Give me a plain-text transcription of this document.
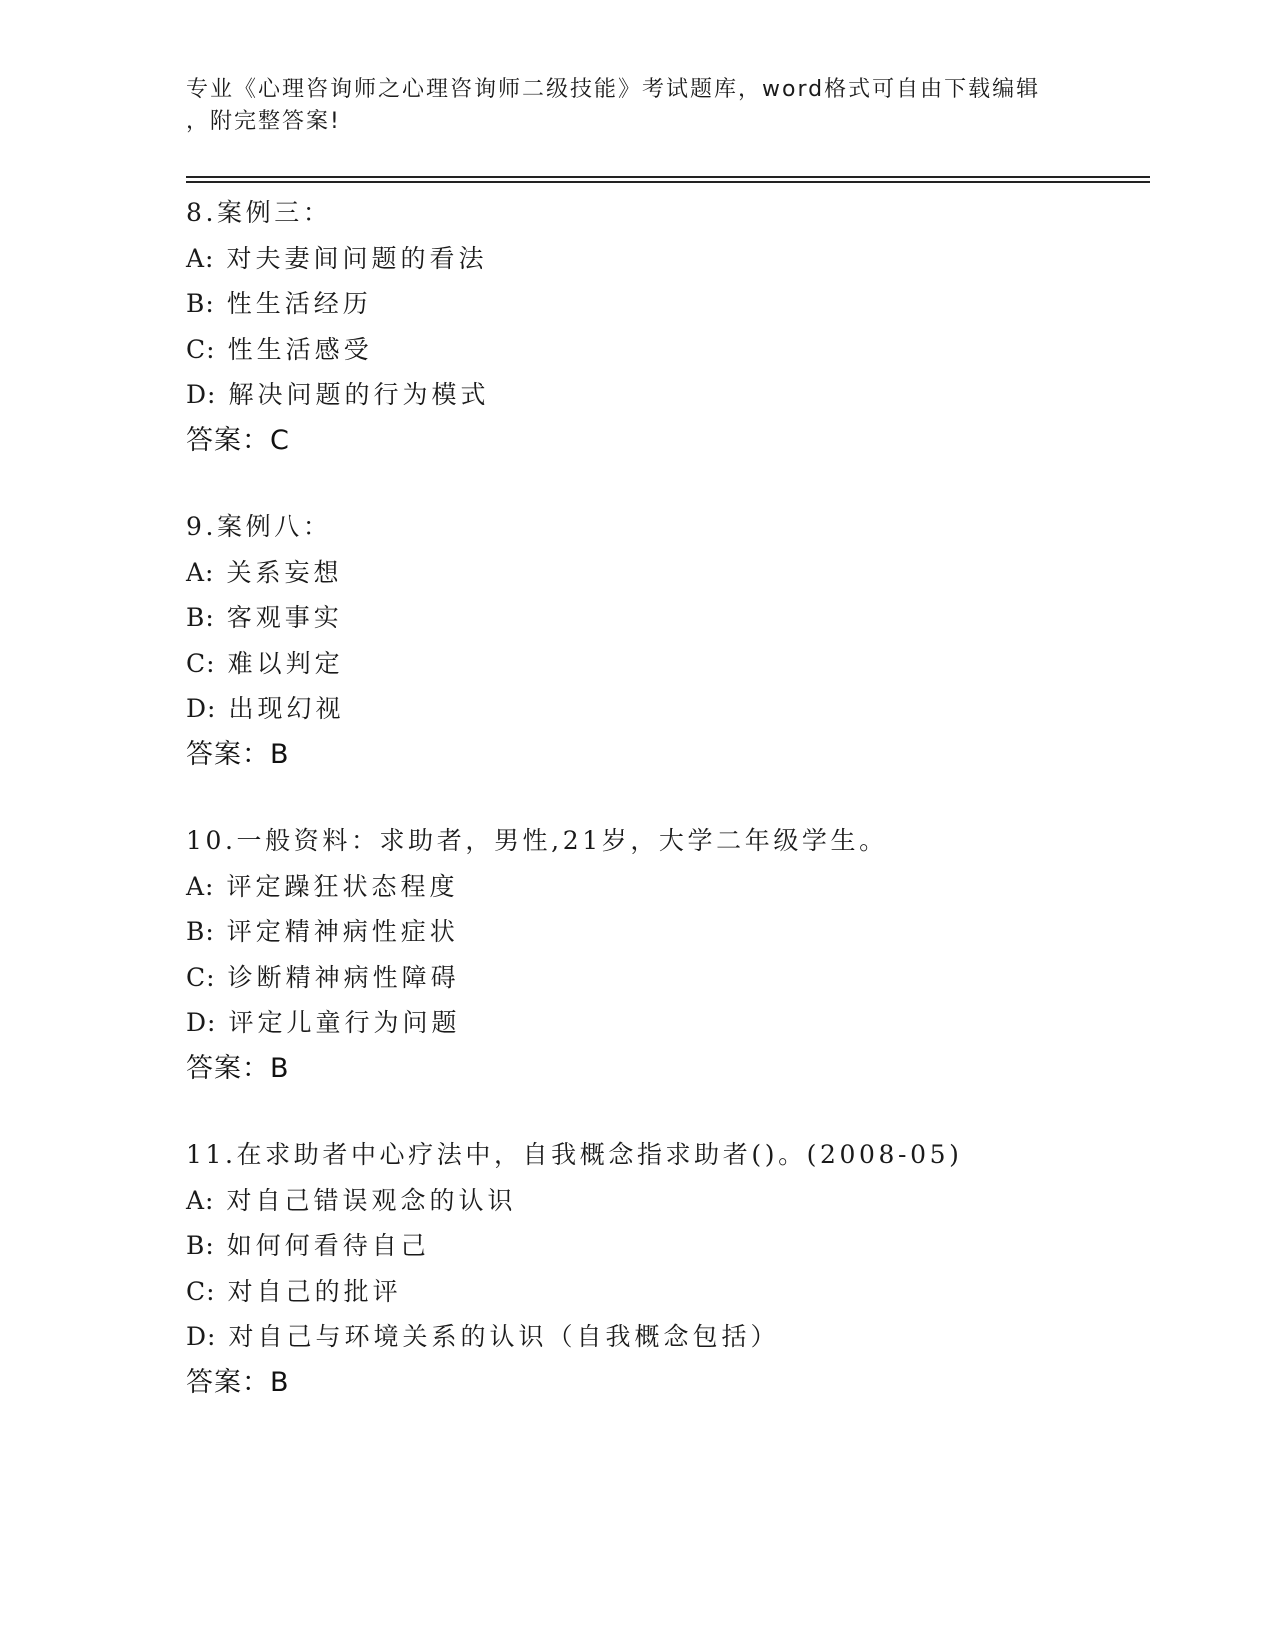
专业《心理咨询师之心理咨询师二级技能》考试题库，word格式可自由下载编辑
，附完整答案!
8.案例三：
A: 对夫妻间问题的看法
B: 性生活经历
C: 性生活感受
D: 解决问题的行为模式
答案：C
9.案例八：
A: 关系妄想
B: 客观事实
C: 难以判定
D: 出现幻视
答案：B
10.一般资料：求助者，男性,21岁，大学二年级学生。
A: 评定躁狂状态程度
B: 评定精神病性症状
C: 诊断精神病性障碍
D: 评定儿童行为问题
答案：B
11.在求助者中心疗法中，自我概念指求助者()。(2008-05)
A: 对自己错误观念的认识
B: 如何何看待自己
C: 对自己的批评
D: 对自己与环境关系的认识（自我概念包括）
答案：B
